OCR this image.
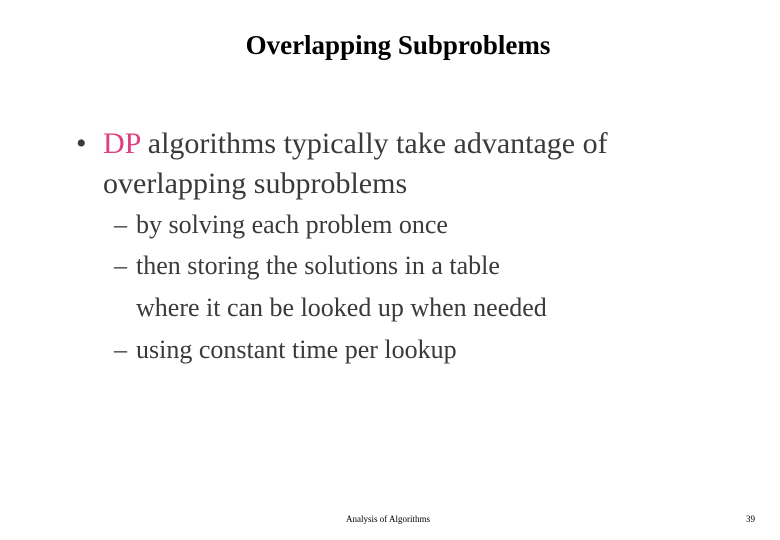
Overlapping Subproblems
• DP algorithms typically take advantage of
overlapping subproblems
– by solving each problem once
– then storing the solutions in a table
where it can be looked up when needed
– using constant time per lookup
Analysis of Algorithms	39
